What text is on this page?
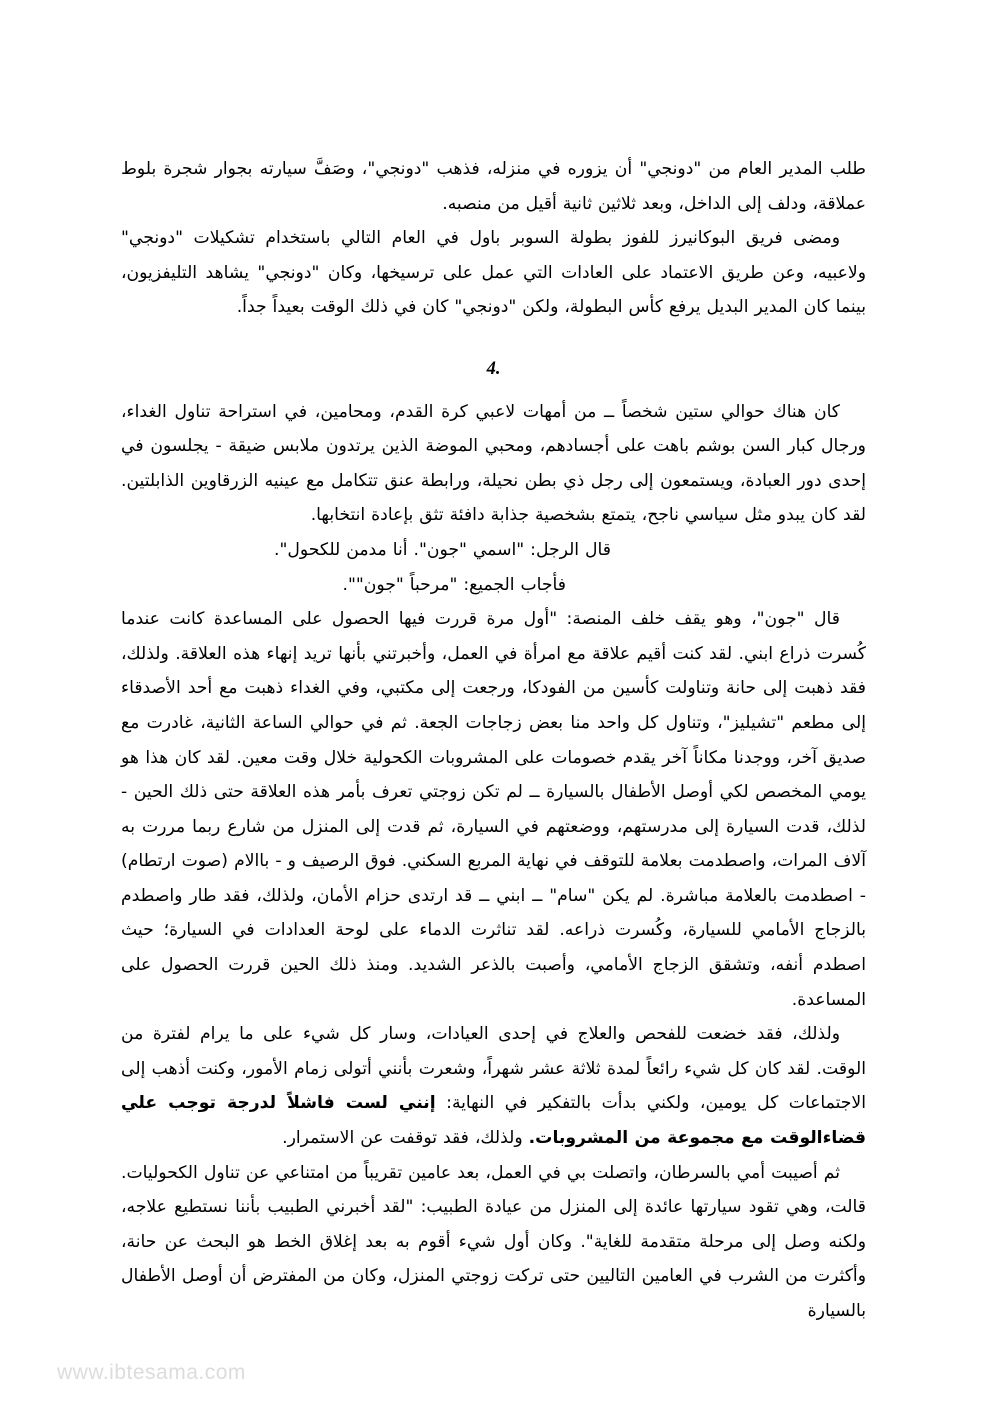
طلب المدير العام من "دونجي" أن يزوره في منزله، فذهب "دونجي"، وصَفَّ سيارته بجوار شجرة بلوط عملاقة، ودلف إلى الداخل، وبعد ثلاثين ثانية أقيل من منصبه.

ومضى فريق البوكانيرز للفوز بطولة السوبر باول في العام التالي باستخدام تشكيلات "دونجي" ولاعبيه، وعن طريق الاعتماد على العادات التي عمل على ترسيخها، وكان "دونجي" يشاهد التليفزيون، بينما كان المدير البديل يرفع كأس البطولة، ولكن "دونجي" كان في ذلك الوقت بعيداً جداً.

4.

كان هناك حوالي ستين شخصاً ــ من أمهات لاعبي كرة القدم، ومحامين، في استراحة تناول الغداء، ورجال كبار السن بوشم باهت على أجسادهم، ومحبي الموضة الذين يرتدون ملابس ضيقة - يجلسون في إحدى دور العبادة، ويستمعون إلى رجل ذي بطن نحيلة، ورابطة عنق تتكامل مع عينيه الزرقاوين الذابلتين. لقد كان يبدو مثل سياسي ناجح، يتمتع بشخصية جذابة دافئة تثق بإعادة انتخابها.

قال الرجل: "اسمي "جون". أنا مدمن للكحول".

فأجاب الجميع: "مرحباً "جون"".

قال "جون"، وهو يقف خلف المنصة: "أول مرة قررت فيها الحصول على المساعدة كانت عندما كُسرت ذراع ابني. لقد كنت أقيم علاقة مع امرأة في العمل، وأخبرتني بأنها تريد إنهاء هذه العلاقة. ولذلك، فقد ذهبت إلى حانة وتناولت كأسين من الفودكا، ورجعت إلى مكتبي، وفي الغداء ذهبت مع أحد الأصدقاء إلى مطعم "تشيليز"، وتناول كل واحد منا بعض زجاجات الجعة. ثم في حوالي الساعة الثانية، غادرت مع صديق آخر، ووجدنا مكاناً آخر يقدم خصومات على المشروبات الكحولية خلال وقت معين. لقد كان هذا هو يومي المخصص لكي أوصل الأطفال بالسيارة ــ لم تكن زوجتي تعرف بأمر هذه العلاقة حتى ذلك الحين - لذلك، قدت السيارة إلى مدرستهم، ووضعتهم في السيارة، ثم قدت إلى المنزل من شارع ربما مررت به آلاف المرات، واصطدمت بعلامة للتوقف في نهاية المربع السكني. فوق الرصيف و - باالام (صوت ارتطام) - اصطدمت بالعلامة مباشرة. لم يكن "سام" ــ ابني ــ قد ارتدى حزام الأمان، ولذلك، فقد طار واصطدم بالزجاج الأمامي للسيارة، وكُسرت ذراعه. لقد تناثرت الدماء على لوحة العدادات في السيارة؛ حيث اصطدم أنفه، وتشقق الزجاج الأمامي، وأصبت بالذعر الشديد. ومنذ ذلك الحين قررت الحصول على المساعدة.

ولذلك، فقد خضعت للفحص والعلاج في إحدى العيادات، وسار كل شيء على ما يرام لفترة من الوقت. لقد كان كل شيء رائعاً لمدة ثلاثة عشر شهراً، وشعرت بأنني أتولى زمام الأمور، وكنت أذهب إلى الاجتماعات كل يومين، ولكني بدأت بالتفكير في النهاية: إنني لست فاشلاً لدرجة توجب علي قضاءالوقت مع مجموعة من المشروبات. ولذلك، فقد توقفت عن الاستمرار.

ثم أصيبت أمي بالسرطان، واتصلت بي في العمل، بعد عامين تقريباً من امتناعي عن تناول الكحوليات. قالت، وهي تقود سيارتها عائدة إلى المنزل من عيادة الطبيب: "لقد أخبرني الطبيب بأننا نستطيع علاجه، ولكنه وصل إلى مرحلة متقدمة للغاية". وكان أول شيء أقوم به بعد إغلاق الخط هو البحث عن حانة، وأكثرت من الشرب في العامين التاليين حتى تركت زوجتي المنزل، وكان من المفترض أن أوصل الأطفال بالسيارة

www.ibtesama.com
